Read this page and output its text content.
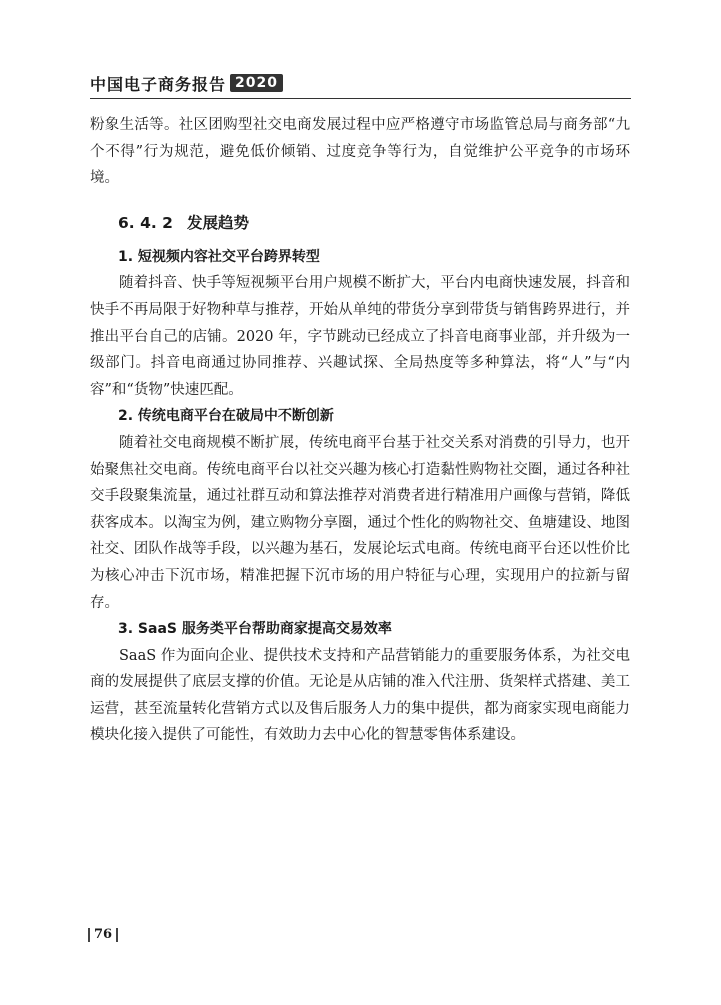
中国电子商务报告 2020

粉象生活等。社区团购型社交电商发展过程中应严格遵守市场监管总局与商务部“九个不得”行为规范，避免低价倾销、过度竞争等行为，自觉维护公平竞争的市场环境。

6. 4. 2 发展趋势
1. 短视频内容社交平台跨界转型

随着抖音、快手等短视频平台用户规模不断扩大，平台内电商快速发展，抖音和快手不再局限于好物种草与推荐，开始从单纯的带货分享到带货与销售跨界进行，并推出平台自己的店铺。2020 年，字节跳动已经成立了抖音电商事业部，并升级为一级部门。抖音电商通过协同推荐、兴趣试探、全局热度等多种算法，将“人”与“内容”和“货物”快速匹配。

2. 传统电商平台在破局中不断创新

随着社交电商规模不断扩展，传统电商平台基于社交关系对消费的引导力，也开始聚焦社交电商。传统电商平台以社交兴趣为核心打造黏性购物社交圈，通过各种社交手段聚集流量，通过社群互动和算法推荐对消费者进行精准用户画像与营销，降低获客成本。以淘宝为例，建立购物分享圈，通过个性化的购物社交、鱼塘建设、地图社交、团队作战等手段，以兴趣为基石，发展论坛式电商。传统电商平台还以性价比为核心冲击下沉市场，精准把握下沉市场的用户特征与心理，实现用户的拉新与留存。

3. SaaS 服务类平台帮助商家提高交易效率

SaaS 作为面向企业、提供技术支持和产品营销能力的重要服务体系，为社交电商的发展提供了底层支撑的价值。无论是从店铺的准入代注册、货架样式搭建、美工运营，甚至流量转化营销方式以及售后服务人力的集中提供，都为商家实现电商能力模块化接入提供了可能性，有效助力去中心化的智慧零售体系建设。

76
